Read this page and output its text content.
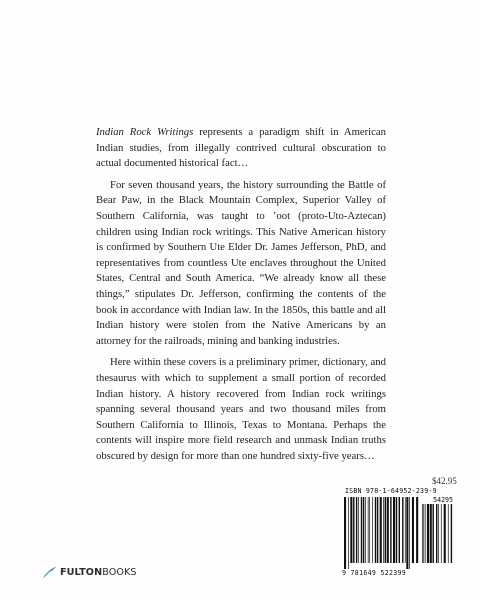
Indian Rock Writings represents a paradigm shift in American Indian studies, from illegally contrived cultural obscuration to actual documented historical fact…

For seven thousand years, the history surrounding the Battle of Bear Paw, in the Black Mountain Complex, Superior Valley of Southern California, was taught to ’oot (proto-Uto-Aztecan) children using Indian rock writings. This Native American history is confirmed by Southern Ute Elder Dr. James Jefferson, PhD, and representatives from countless Ute enclaves throughout the United States, Central and South America. “We already know all these things,” stipulates Dr. Jefferson, confirming the contents of the book in accordance with Indian law. In the 1850s, this battle and all Indian history were stolen from the Native Americans by an attorney for the railroads, mining and banking industries.

Here within these covers is a preliminary primer, dictionary, and thesaurus with which to supplement a small portion of recorded Indian history. A history recovered from Indian rock writings spanning several thousand years and two thousand miles from Southern California to Illinois, Texas to Montana. Perhaps the contents will inspire more field research and unmask Indian truths obscured by design for more than one hundred sixty-five years…

$42.95
ISBN 978-1-64952-239-9
54295
9 781649 522399
FULTONBOOKS
